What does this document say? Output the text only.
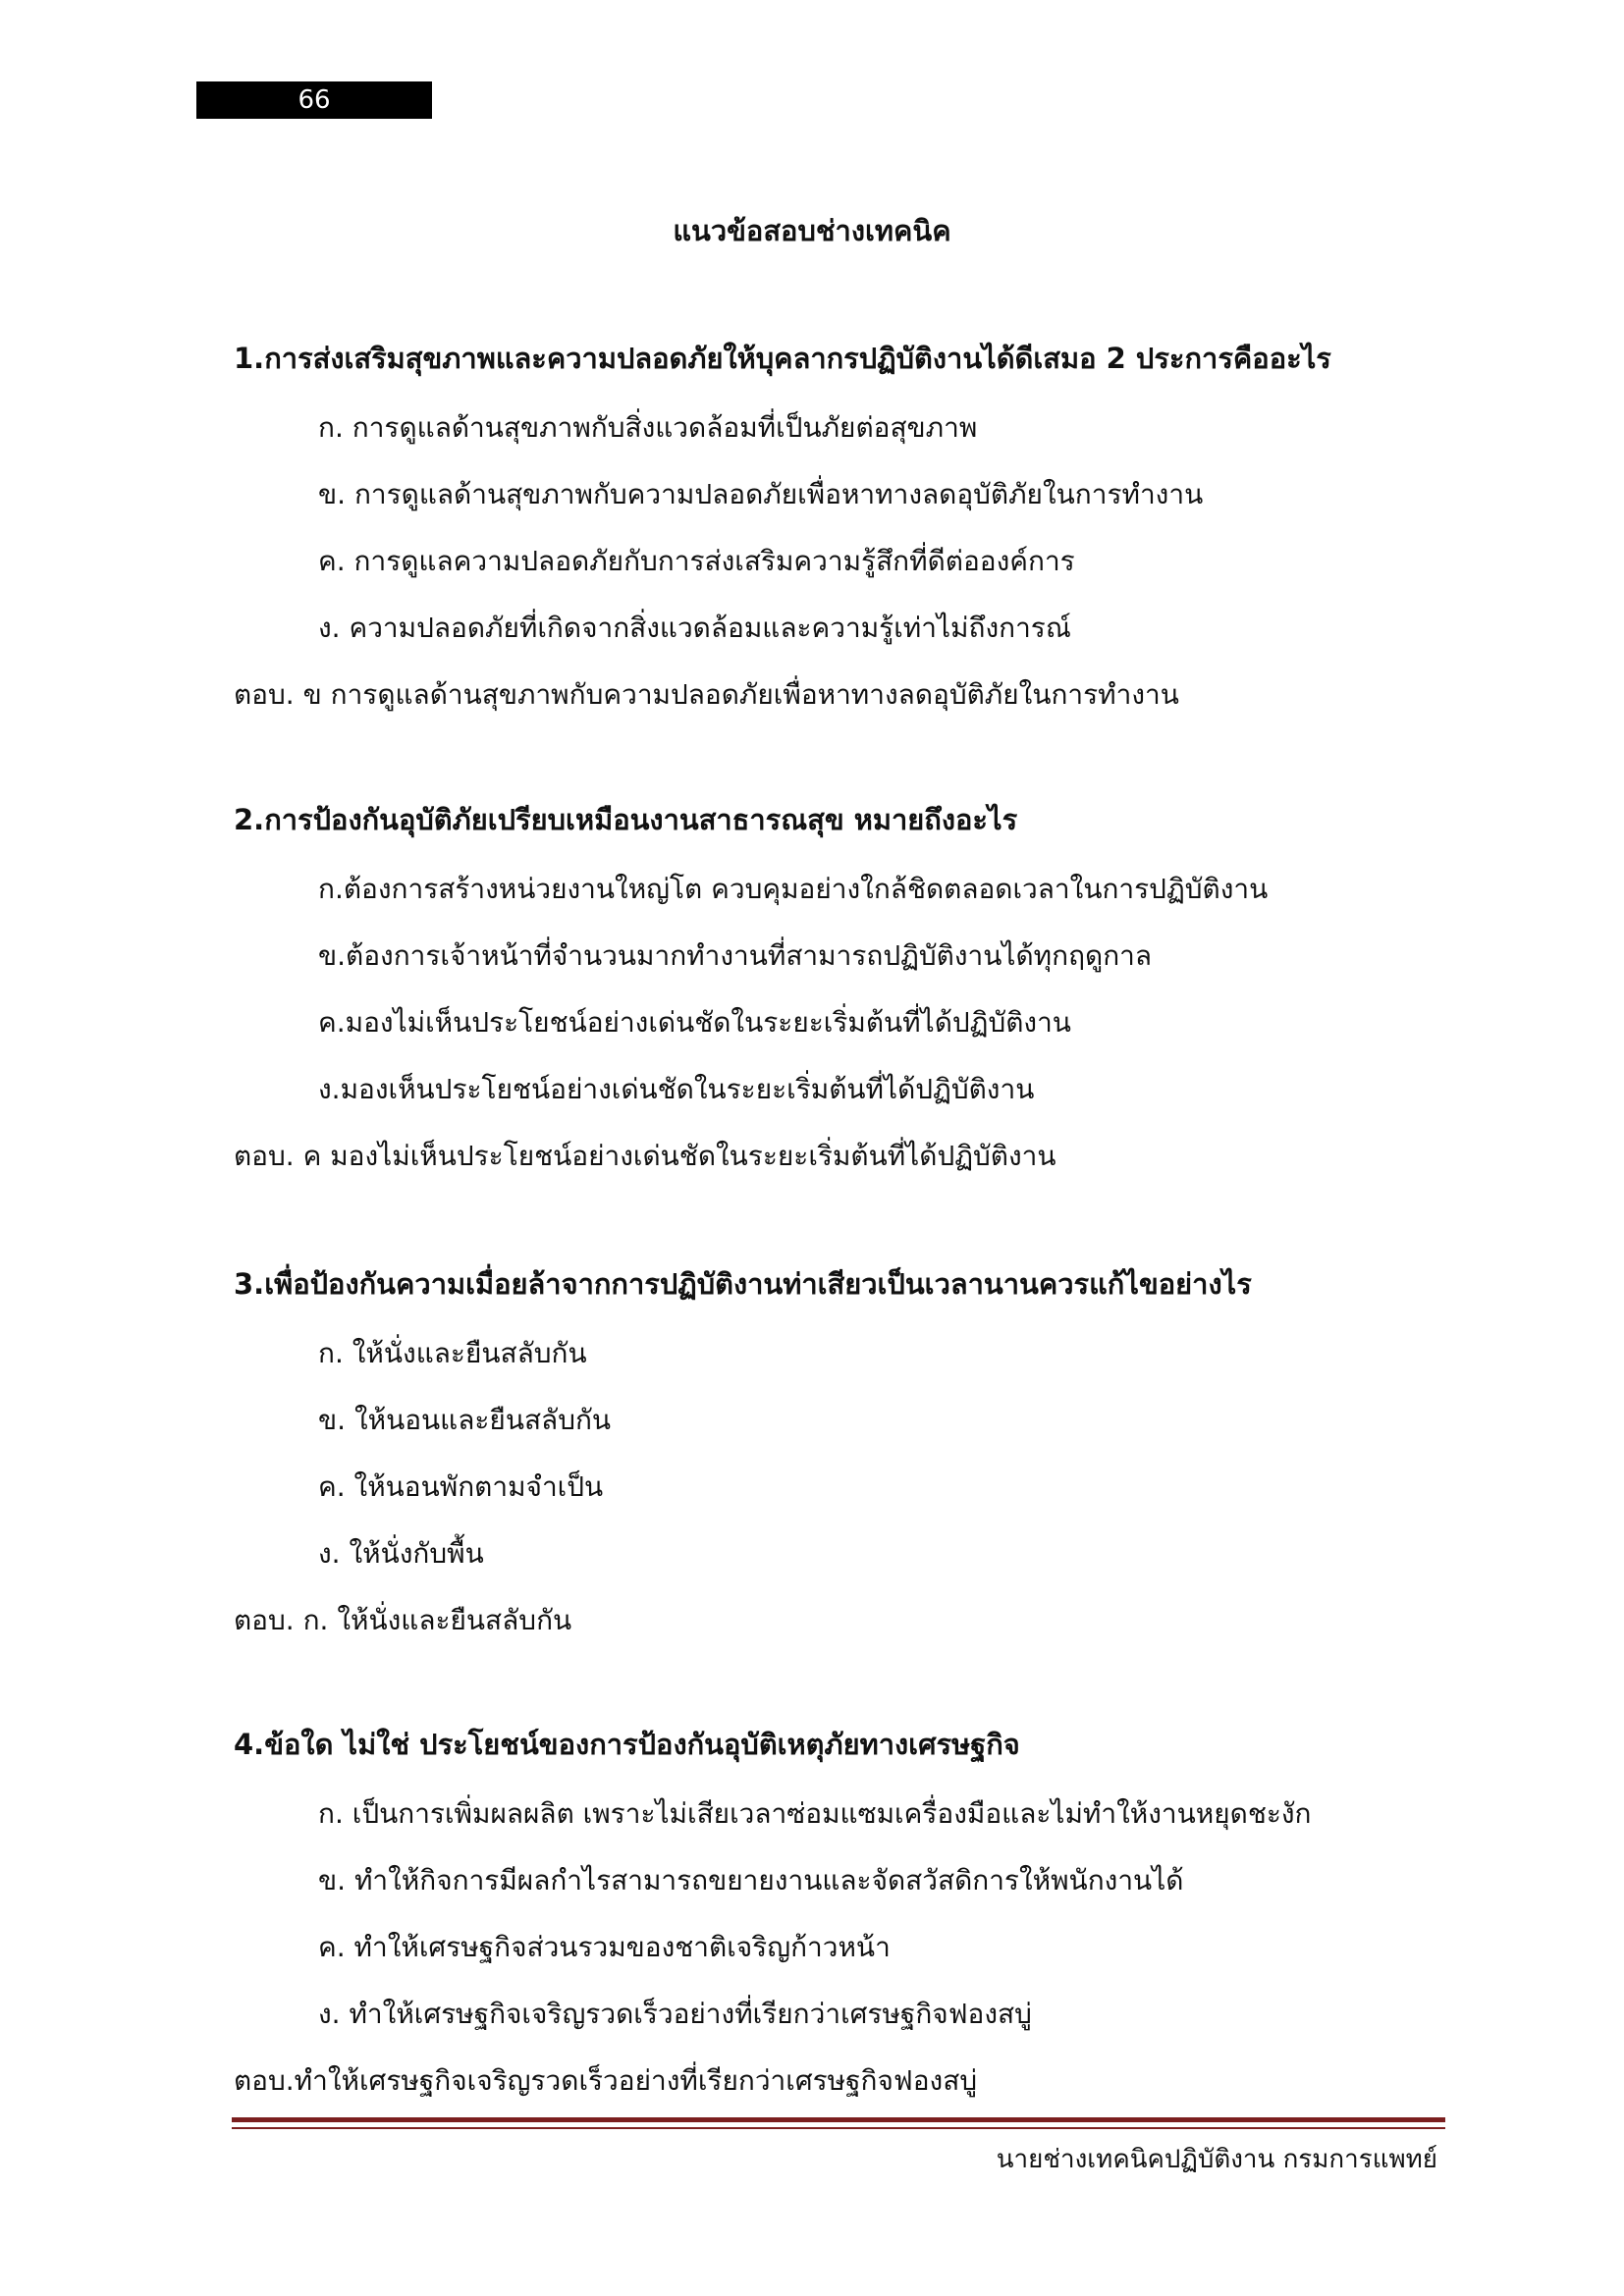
66
แนวข้อสอบช่างเทคนิค
1.การส่งเสริมสุขภาพและความปลอดภัยให้บุคลากรปฏิบัติงานได้ดีเสมอ 2 ประการคืออะไร
ก. การดูแลด้านสุขภาพกับสิ่งแวดล้อมที่เป็นภัยต่อสุขภาพ
ข. การดูแลด้านสุขภาพกับความปลอดภัยเพื่อหาทางลดอุบัติภัยในการทำงาน
ค. การดูแลความปลอดภัยกับการส่งเสริมความรู้สึกที่ดีต่อองค์การ
ง. ความปลอดภัยที่เกิดจากสิ่งแวดล้อมและความรู้เท่าไม่ถึงการณ์
ตอบ. ข การดูแลด้านสุขภาพกับความปลอดภัยเพื่อหาทางลดอุบัติภัยในการทำงาน
2.การป้องกันอุบัติภัยเปรียบเหมือนงานสาธารณสุข หมายถึงอะไร
ก.ต้องการสร้างหน่วยงานใหญ่โต ควบคุมอย่างใกล้ชิดตลอดเวลาในการปฏิบัติงาน
ข.ต้องการเจ้าหน้าที่จำนวนมากทำงานที่สามารถปฏิบัติงานได้ทุกฤดูกาล
ค.มองไม่เห็นประโยชน์อย่างเด่นชัดในระยะเริ่มต้นที่ได้ปฏิบัติงาน
ง.มองเห็นประโยชน์อย่างเด่นชัดในระยะเริ่มต้นที่ได้ปฏิบัติงาน
ตอบ. ค มองไม่เห็นประโยชน์อย่างเด่นชัดในระยะเริ่มต้นที่ได้ปฏิบัติงาน
3.เพื่อป้องกันความเมื่อยล้าจากการปฏิบัติงานท่าเสียวเป็นเวลานานควรแก้ไขอย่างไร
ก. ให้นั่งและยืนสลับกัน
ข. ให้นอนและยืนสลับกัน
ค. ให้นอนพักตามจำเป็น
ง. ให้นั่งกับพื้น
ตอบ. ก. ให้นั่งและยืนสลับกัน
4.ข้อใด ไม่ใช่ ประโยชน์ของการป้องกันอุบัติเหตุภัยทางเศรษฐกิจ
ก. เป็นการเพิ่มผลผลิต เพราะไม่เสียเวลาซ่อมแซมเครื่องมือและไม่ทำให้งานหยุดชะงัก
ข. ทำให้กิจการมีผลกำไรสามารถขยายงานและจัดสวัสดิการให้พนักงานได้
ค. ทำให้เศรษฐกิจส่วนรวมของชาติเจริญก้าวหน้า
ง. ทำให้เศรษฐกิจเจริญรวดเร็วอย่างที่เรียกว่าเศรษฐกิจฟองสบู่
ตอบ.ทำให้เศรษฐกิจเจริญรวดเร็วอย่างที่เรียกว่าเศรษฐกิจฟองสบู่
นายช่างเทคนิคปฏิบัติงาน กรมการแพทย์
